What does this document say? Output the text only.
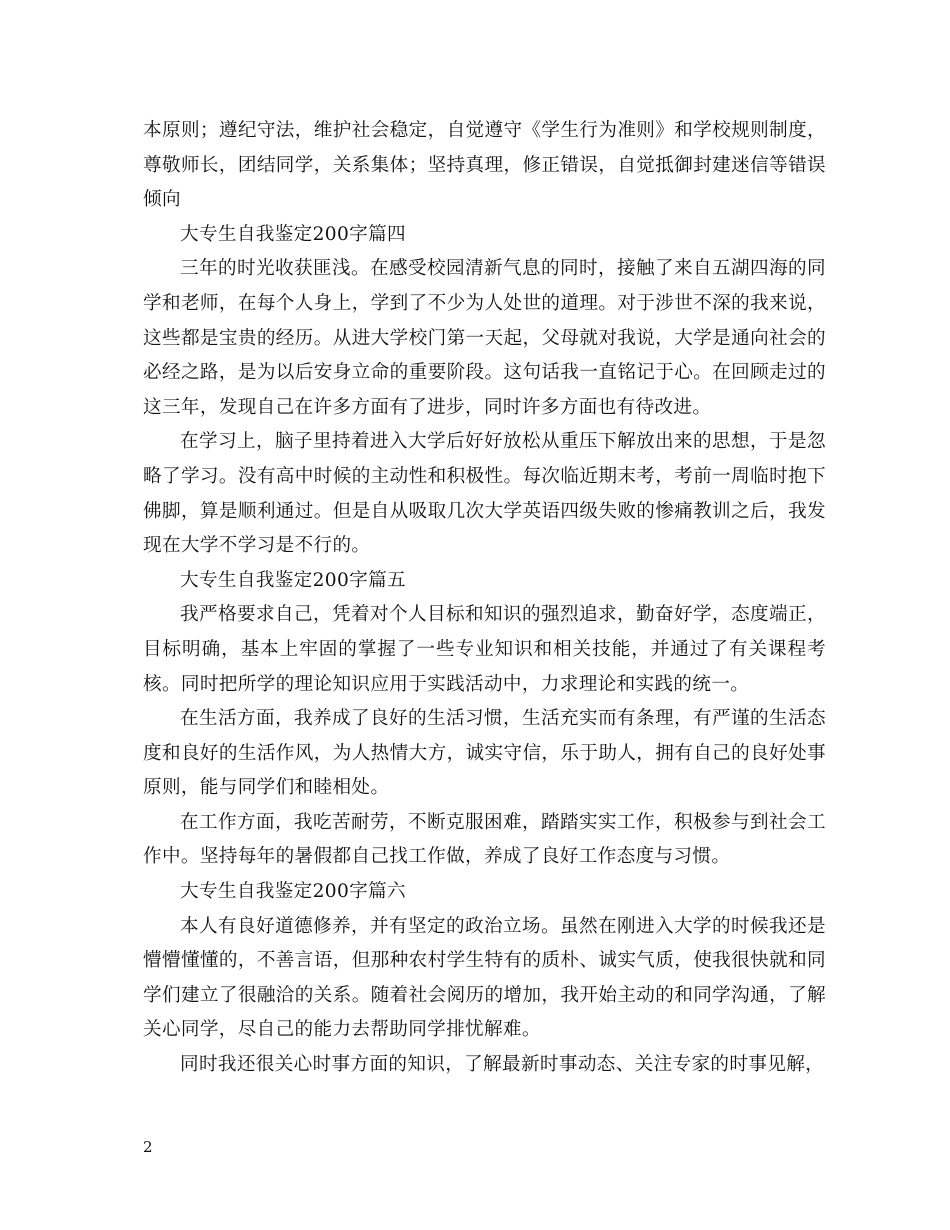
本原则；遵纪守法，维护社会稳定，自觉遵守《学生行为准则》和学校规则制度，尊敬师长，团结同学，关系集体；坚持真理，修正错误，自觉抵御封建迷信等错误倾向

大专生自我鉴定200字篇四

三年的时光收获匪浅。在感受校园清新气息的同时，接触了来自五湖四海的同学和老师，在每个人身上，学到了不少为人处世的道理。对于涉世不深的我来说，这些都是宝贵的经历。从进大学校门第一天起，父母就对我说，大学是通向社会的必经之路，是为以后安身立命的重要阶段。这句话我一直铭记于心。在回顾走过的这三年，发现自己在许多方面有了进步，同时许多方面也有待改进。

在学习上，脑子里持着进入大学后好好放松从重压下解放出来的思想，于是忽略了学习。没有高中时候的主动性和积极性。每次临近期末考，考前一周临时抱下佛脚，算是顺利通过。但是自从吸取几次大学英语四级失败的惨痛教训之后，我发现在大学不学习是不行的。

大专生自我鉴定200字篇五

我严格要求自己，凭着对个人目标和知识的强烈追求，勤奋好学，态度端正，目标明确，基本上牢固的掌握了一些专业知识和相关技能，并通过了有关课程考核。同时把所学的理论知识应用于实践活动中，力求理论和实践的统一。

在生活方面，我养成了良好的生活习惯，生活充实而有条理，有严谨的生活态度和良好的生活作风，为人热情大方，诚实守信，乐于助人，拥有自己的良好处事原则，能与同学们和睦相处。

在工作方面，我吃苦耐劳，不断克服困难，踏踏实实工作，积极参与到社会工作中。坚持每年的暑假都自己找工作做，养成了良好工作态度与习惯。

大专生自我鉴定200字篇六

本人有良好道德修养，并有坚定的政治立场。虽然在刚进入大学的时候我还是懵懵懂懂的，不善言语，但那种农村学生特有的质朴、诚实气质，使我很快就和同学们建立了很融洽的关系。随着社会阅历的增加，我开始主动的和同学沟通，了解关心同学，尽自己的能力去帮助同学排忧解难。

同时我还很关心时事方面的知识，了解最新时事动态、关注专家的时事见解，

2
